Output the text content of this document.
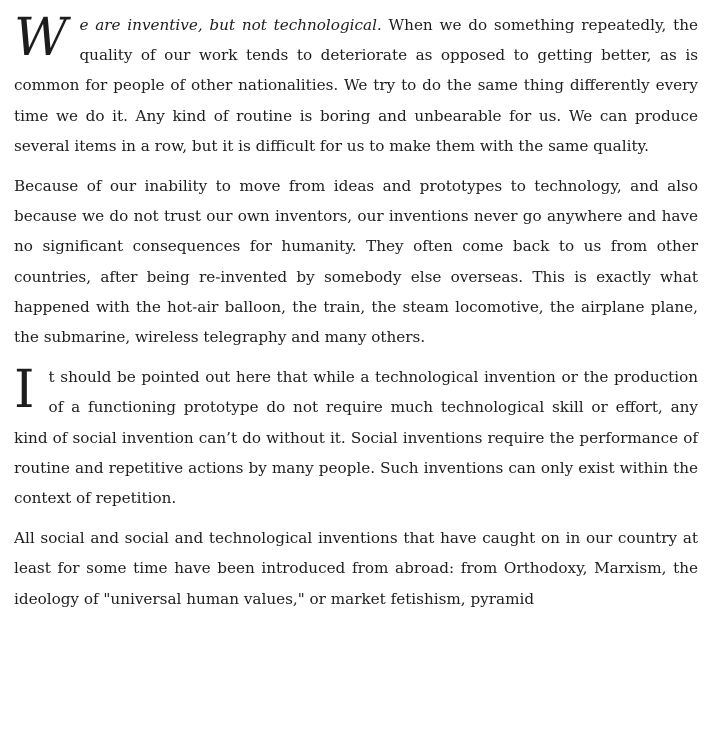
We are inventive, but not technological. When we do something repeatedly, the quality of our work tends to deteriorate as opposed to getting better, as is common for people of other nationalities. We try to do the same thing differently every time we do it. Any kind of routine is boring and unbearable for us. We can produce several items in a row, but it is difficult for us to make them with the same quality.

Because of our inability to move from ideas and prototypes to technology, and also because we do not trust our own inventors, our inventions never go anywhere and have no significant consequences for humanity. They often come back to us from other countries, after being re-invented by somebody else overseas. This is exactly what happened with the hot-air balloon, the train, the steam locomotive, the airplane plane, the submarine, wireless telegraphy and many others.

It should be pointed out here that while a technological invention or the production of a functioning prototype do not require much technological skill or effort, any kind of social invention can’t do without it. Social inventions require the performance of routine and repetitive actions by many people. Such inventions can only exist within the context of repetition.

All social and social and technological inventions that have caught on in our country at least for some time have been introduced from abroad: from Orthodoxy, Marxism, the ideology of "universal human values," or market fetishism, pyramid
